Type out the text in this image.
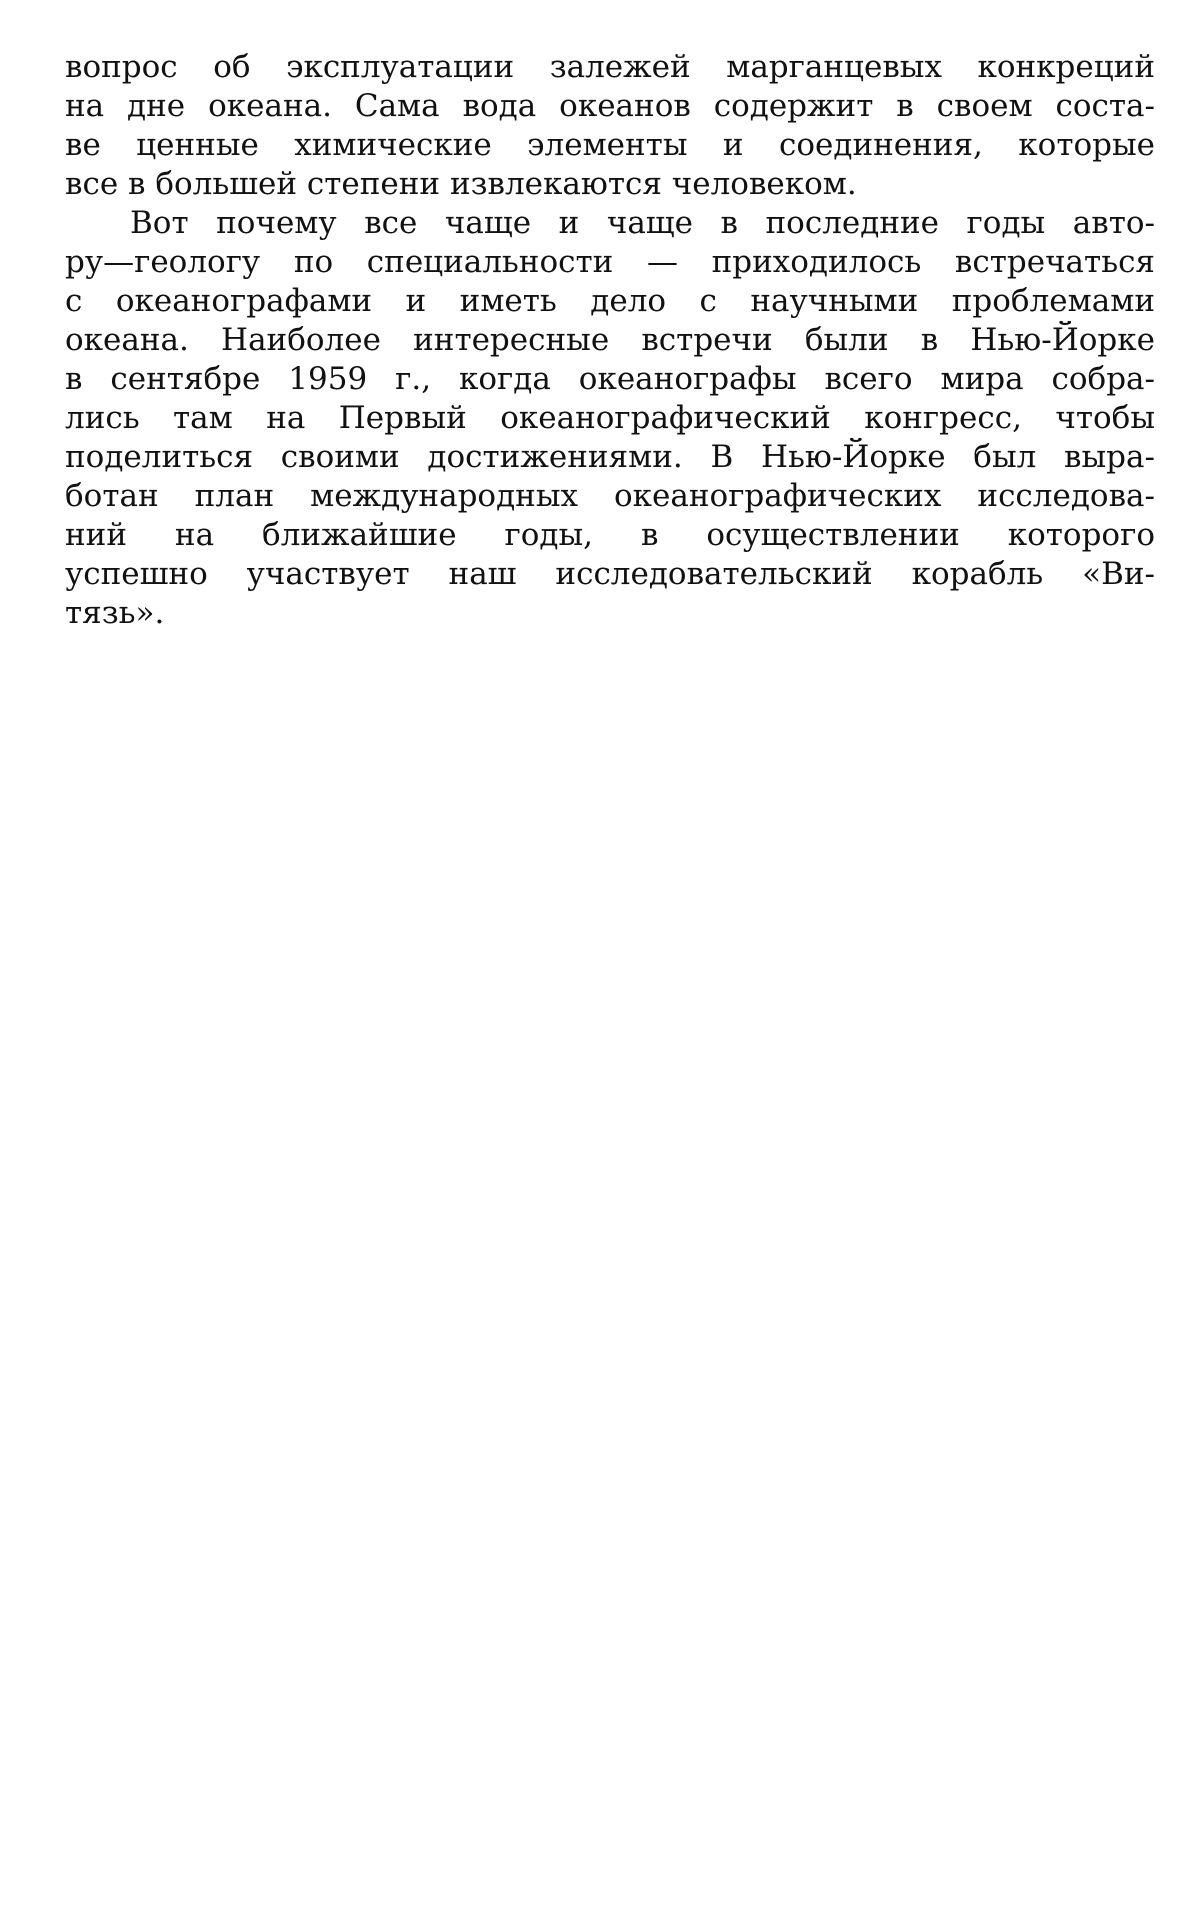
вопрос об эксплуатации залежей марганцевых конкреций
на дне океана. Сама вода океанов содержит в своем соста-
ве ценные химические элементы и соединения, которые
все в большей степени извлекаются человеком.
Вот почему все чаще и чаще в последние годы авто-
ру—геологу по специальности — приходилось встречаться
с океанографами и иметь дело с научными проблемами
океана. Наиболее интересные встречи были в Нью-Йорке
в сентябре 1959 г., когда океанографы всего мира собра-
лись там на Первый океанографический конгресс, чтобы
поделиться своими достижениями. В Нью-Йорке был выра-
ботан план международных океанографических исследова-
ний на ближайшие годы, в осуществлении которого
успешно участвует наш исследовательский корабль «Ви-
тязь».
